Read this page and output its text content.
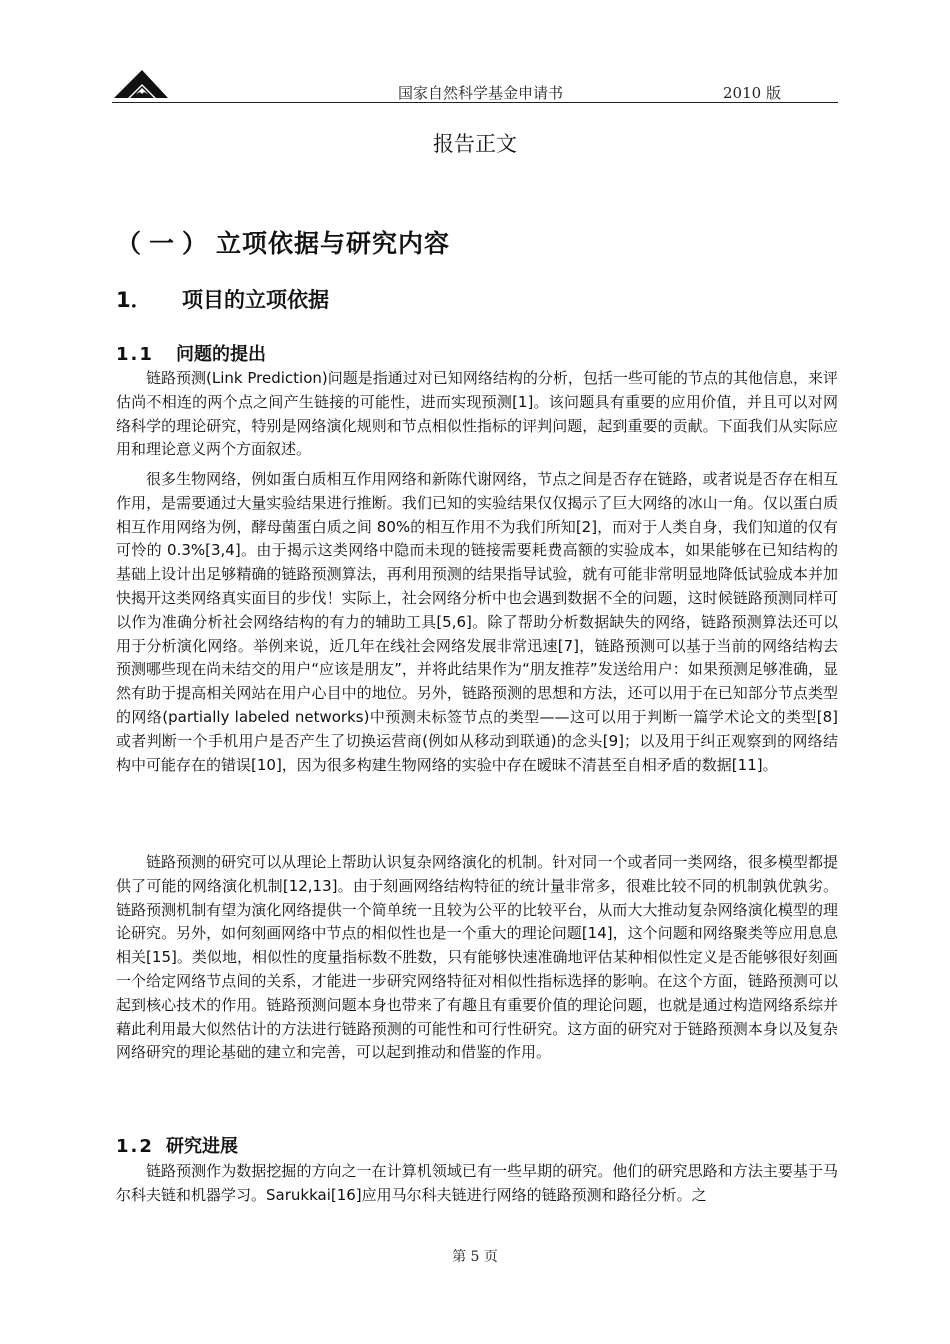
国家自然科学基金申请书	2010 版
报告正文
（一）立项依据与研究内容
1． 项目的立项依据
1.1 问题的提出

链路预测(Link Prediction)问题是指通过对已知网络结构的分析，包括一些可能的节点的其他信息，来评估尚不相连的两个点之间产生链接的可能性，进而实现预测[1]。该问题具有重要的应用价值，并且可以对网络科学的理论研究，特别是网络演化规则和节点相似性指标的评判问题，起到重要的贡献。下面我们从实际应用和理论意义两个方面叙述。

很多生物网络，例如蛋白质相互作用网络和新陈代谢网络，节点之间是否存在链路，或者说是否存在相互作用，是需要通过大量实验结果进行推断。我们已知的实验结果仅仅揭示了巨大网络的冰山一角。仅以蛋白质相互作用网络为例，酵母菌蛋白质之间 80%的相互作用不为我们所知[2]，而对于人类自身，我们知道的仅有可怜的 0.3%[3,4]。由于揭示这类网络中隐而未现的链接需要耗费高额的实验成本，如果能够在已知结构的基础上设计出足够精确的链路预测算法，再利用预测的结果指导试验，就有可能非常明显地降低试验成本并加快揭开这类网络真实面目的步伐！实际上，社会网络分析中也会遇到数据不全的问题，这时候链路预测同样可以作为准确分析社会网络结构的有力的辅助工具[5,6]。除了帮助分析数据缺失的网络，链路预测算法还可以用于分析演化网络。举例来说，近几年在线社会网络发展非常迅速[7]，链路预测可以基于当前的网络结构去预测哪些现在尚未结交的用户“应该是朋友”，并将此结果作为“朋友推荐”发送给用户：如果预测足够准确，显然有助于提高相关网站在用户心目中的地位。另外，链路预测的思想和方法，还可以用于在已知部分节点类型的网络(partially labeled networks)中预测未标签节点的类型——这可以用于判断一篇学术论文的类型[8]或者判断一个手机用户是否产生了切换运营商(例如从移动到联通)的念头[9]；以及用于纠正观察到的网络结构中可能存在的错误[10]，因为很多构建生物网络的实验中存在暧昧不清甚至自相矛盾的数据[11]。

链路预测的研究可以从理论上帮助认识复杂网络演化的机制。针对同一个或者同一类网络，很多模型都提供了可能的网络演化机制[12,13]。由于刻画网络结构特征的统计量非常多，很难比较不同的机制孰优孰劣。链路预测机制有望为演化网络提供一个简单统一且较为公平的比较平台，从而大大推动复杂网络演化模型的理论研究。另外，如何刻画网络中节点的相似性也是一个重大的理论问题[14]，这个问题和网络聚类等应用息息相关[15]。类似地，相似性的度量指标数不胜数，只有能够快速准确地评估某种相似性定义是否能够很好刻画一个给定网络节点间的关系，才能进一步研究网络特征对相似性指标选择的影响。在这个方面，链路预测可以起到核心技术的作用。链路预测问题本身也带来了有趣且有重要价值的理论问题，也就是通过构造网络系综并藉此利用最大似然估计的方法进行链路预测的可能性和可行性研究。这方面的研究对于链路预测本身以及复杂网络研究的理论基础的建立和完善，可以起到推动和借鉴的作用。

1.2 研究进展

链路预测作为数据挖掘的方向之一在计算机领域已有一些早期的研究。他们的研究思路和方法主要基于马尔科夫链和机器学习。Sarukkai[16]应用马尔科夫链进行网络的链路预测和路径分析。之

第 5 页
